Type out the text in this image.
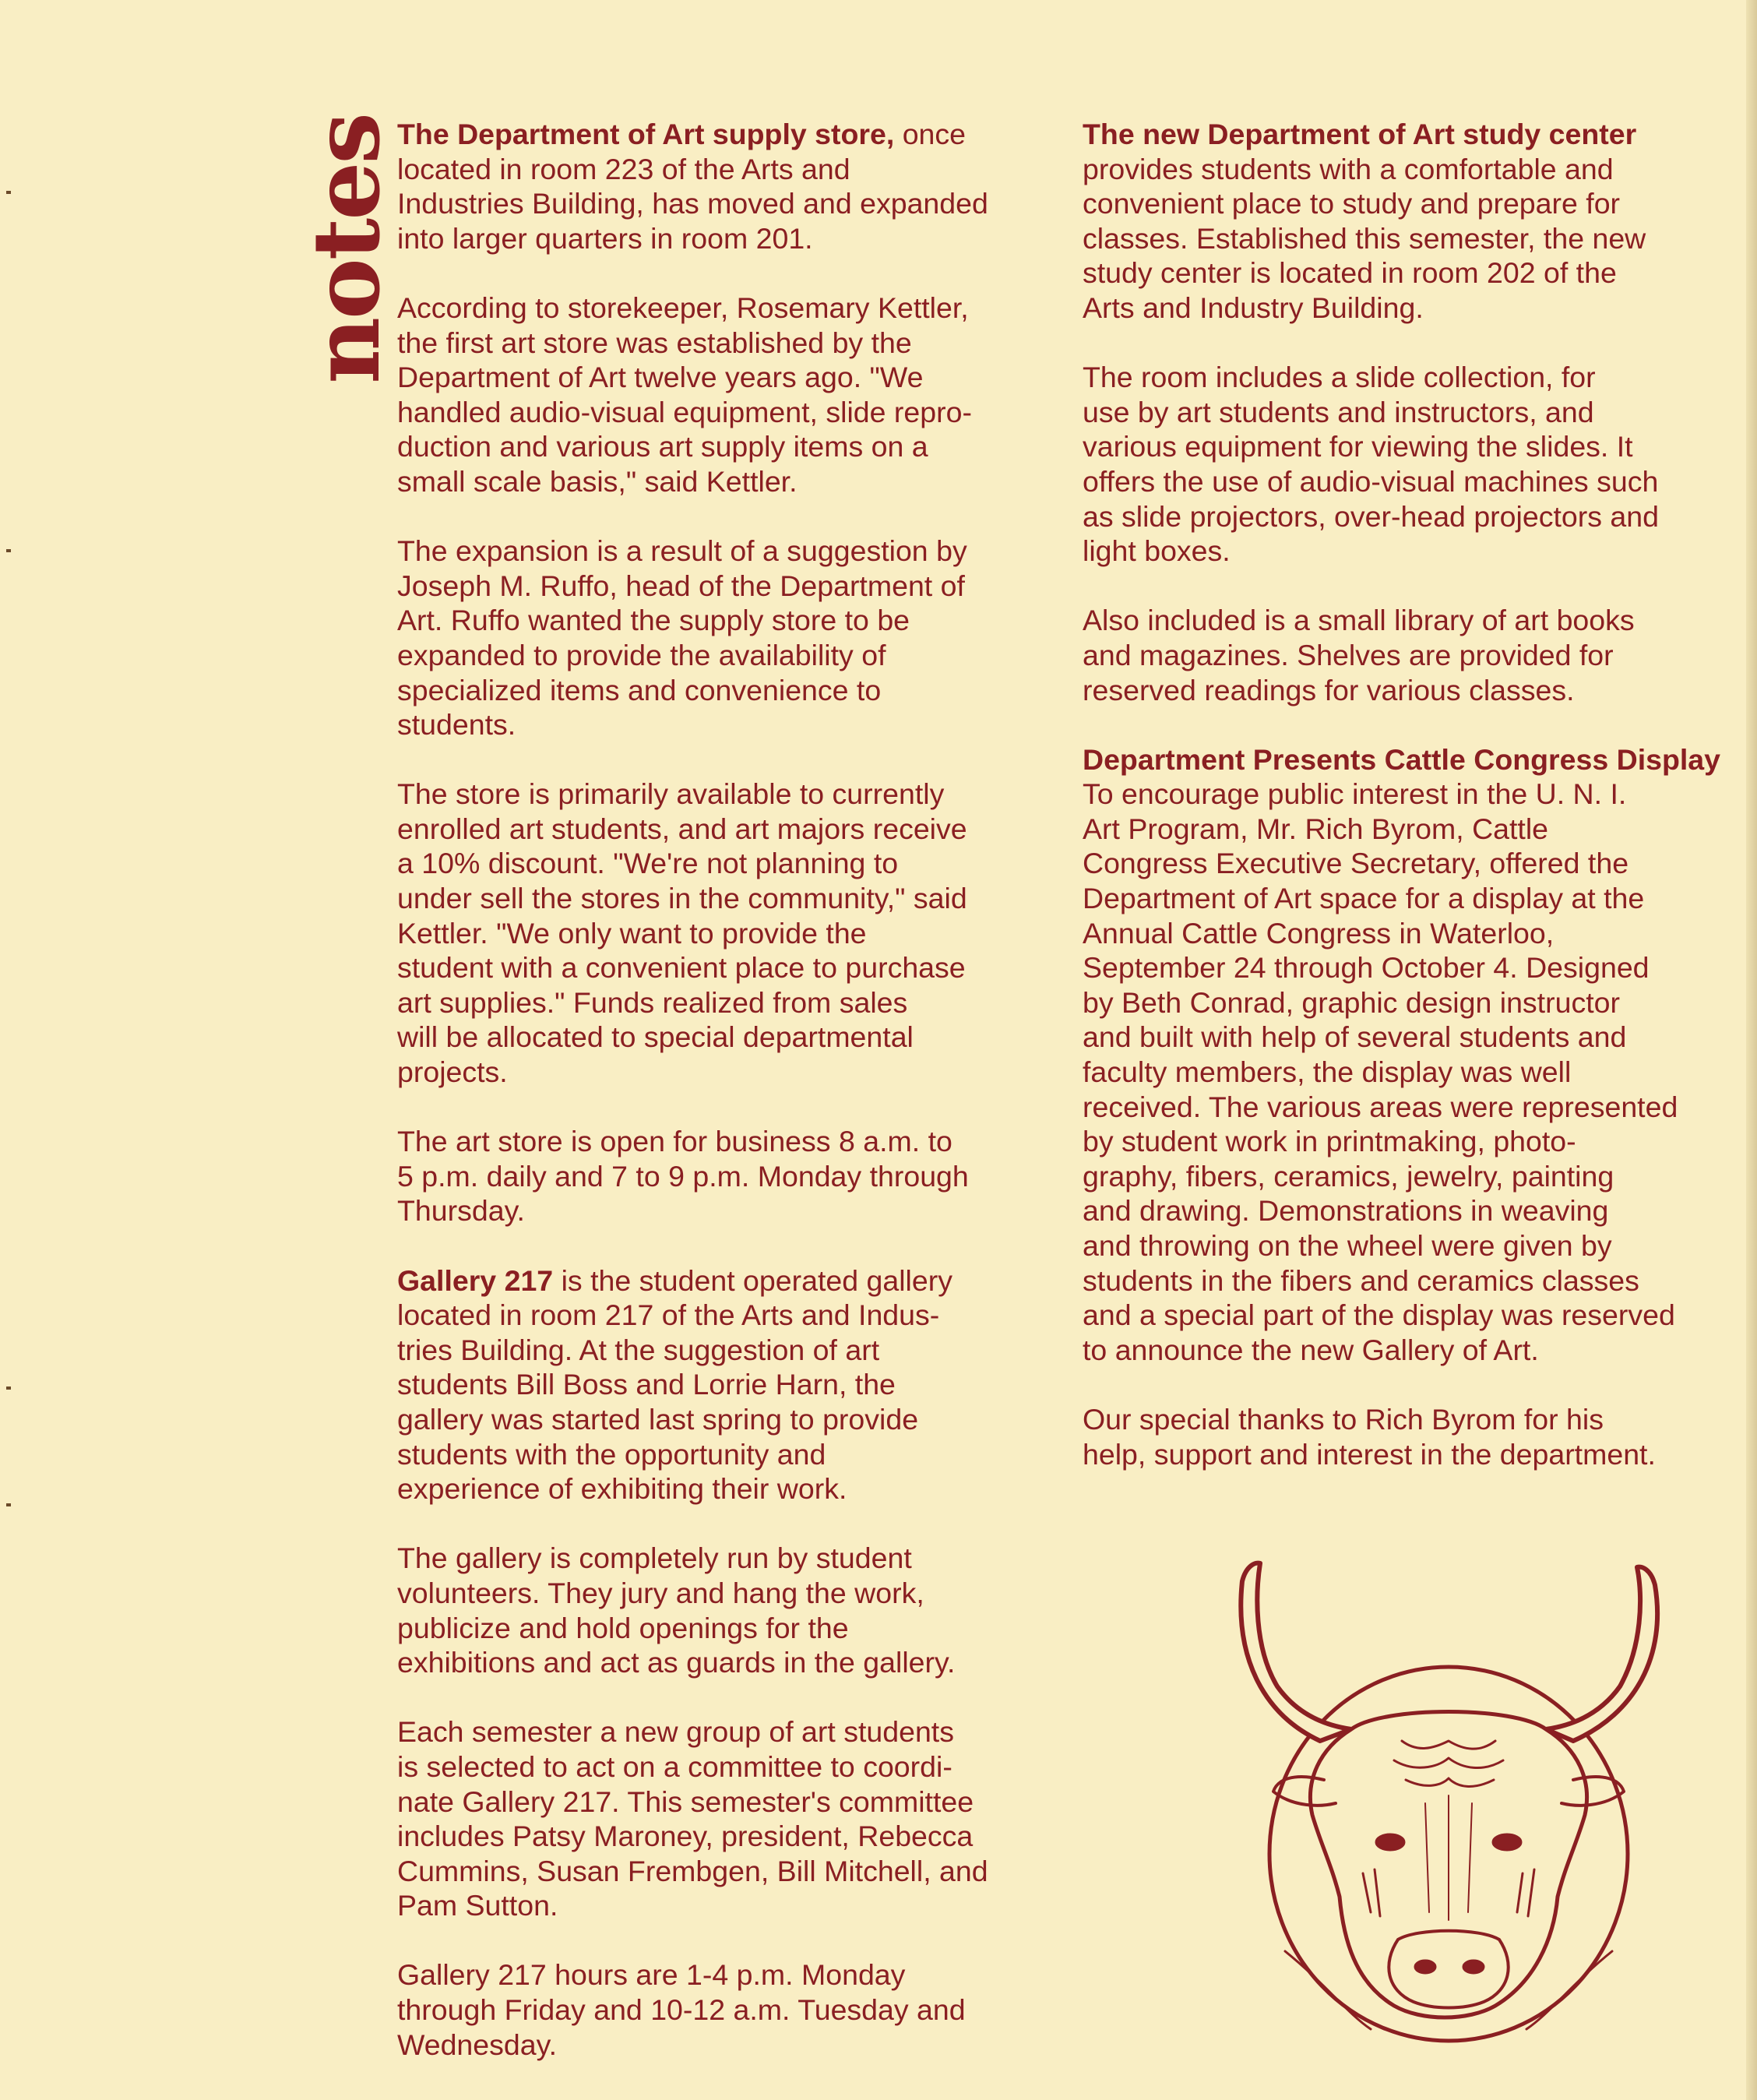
notes
The Department of Art supply store, once
located in room 223 of the Arts and
Industries Building, has moved and expanded
into larger quarters in room 201.
According to storekeeper, Rosemary Kettler,
the first art store was established by the
Department of Art twelve years ago. "We
handled audio-visual equipment, slide repro-
duction and various art supply items on a
small scale basis," said Kettler.
The expansion is a result of a suggestion by
Joseph M. Ruffo, head of the Department of
Art. Ruffo wanted the supply store to be
expanded to provide the availability of
specialized items and convenience to
students.
The store is primarily available to currently
enrolled art students, and art majors receive
a 10% discount. "We're not planning to
under sell the stores in the community," said
Kettler. "We only want to provide the
student with a convenient place to purchase
art supplies." Funds realized from sales
will be allocated to special departmental
projects.
The art store is open for business 8 a.m. to
5 p.m. daily and 7 to 9 p.m. Monday through
Thursday.
Gallery 217 is the student operated gallery
located in room 217 of the Arts and Indus-
tries Building. At the suggestion of art
students Bill Boss and Lorrie Harn, the
gallery was started last spring to provide
students with the opportunity and
experience of exhibiting their work.
The gallery is completely run by student
volunteers. They jury and hang the work,
publicize and hold openings for the
exhibitions and act as guards in the gallery.
Each semester a new group of art students
is selected to act on a committee to coordi-
nate Gallery 217. This semester's committee
includes Patsy Maroney, president, Rebecca
Cummins, Susan Frembgen, Bill Mitchell, and
Pam Sutton.
Gallery 217 hours are 1-4 p.m. Monday
through Friday and 10-12 a.m. Tuesday and
Wednesday.
The new Department of Art study center
provides students with a comfortable and
convenient place to study and prepare for
classes. Established this semester, the new
study center is located in room 202 of the
Arts and Industry Building.
The room includes a slide collection, for
use by art students and instructors, and
various equipment for viewing the slides. It
offers the use of audio-visual machines such
as slide projectors, over-head projectors and
light boxes.
Also included is a small library of art books
and magazines. Shelves are provided for
reserved readings for various classes.
Department Presents Cattle Congress Display
To encourage public interest in the U. N. I.
Art Program, Mr. Rich Byrom, Cattle
Congress Executive Secretary, offered the
Department of Art space for a display at the
Annual Cattle Congress in Waterloo,
September 24 through October 4. Designed
by Beth Conrad, graphic design instructor
and built with help of several students and
faculty members, the display was well
received. The various areas were represented
by student work in printmaking, photo-
graphy, fibers, ceramics, jewelry, painting
and drawing. Demonstrations in weaving
and throwing on the wheel were given by
students in the fibers and ceramics classes
and a special part of the display was reserved
to announce the new Gallery of Art.
Our special thanks to Rich Byrom for his
help, support and interest in the department.
